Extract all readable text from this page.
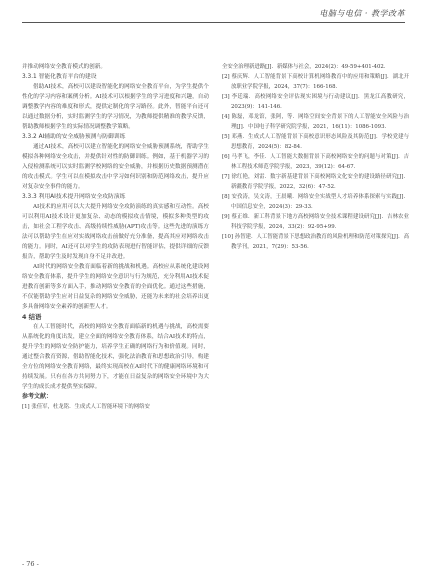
电脑与电信 · 教学改革

并推动网络安全教育模式的创新。

3.3.1 智能化教育平台的建设

借助AI技术，高校可以建设智能化的网络安全教育平台，为学生提供个性化的学习内容和案例分析。AI技术可以根据学生的学习进度和兴趣，自动调整教学内容的难度和形式，提供定制化的学习路径。此外，智能平台还可以通过数据分析，实时监测学生的学习情况，为教师提供精准的教学反馈，帮助教师根据学生的实际情况调整教学策略。

3.3.2 AI辅助的安全威胁预测与防御训练

通过AI技术，高校可以建立智能化的网络安全威胁预测系统，帮助学生模拟各种网络安全攻击，并提供针对性的防御训练。例如，基于机器学习的入侵检测系统可以实时监测学校网络的安全威胁，并根据历史数据预测潜在的攻击模式。学生可以在模拟攻击中学习如何识别和防范网络攻击，提升应对复杂安全事件的能力。

3.3.3 利用AI技术提升网络安全攻防演练

AI技术的应用可以大大提升网络安全攻防演练的真实感和互动性。高校可以利用AI技术设计更加复杂、动态的模拟攻击情境，模拟多种类型的攻击，如社会工程学攻击、高级持续性威胁(APT)攻击等。这些先进的演练方法可以帮助学生在应对实战网络攻击前做好充分准备，提高其应对网络攻击的能力。同时，AI还可以对学生的攻防表现进行智能评估，提供详细的反馈报告，帮助学生及时发现自身不足并改进。

AI时代的网络安全教育面临着新的挑战和机遇。高校应从系统化建设网络安全教育体系，提升学生的网络安全意识与行为规范，充分利用AI技术促进教育创新等多方面入手，推动网络安全教育的全面优化。通过这些措施，不仅能帮助学生应对日益复杂的网络安全威胁，还能为未来的社会培养出更多具备网络安全素养的创新型人才。

4 结语

在人工智能时代，高校的网络安全教育面临新的机遇与挑战，高校需要从系统化的角度出发，建立全面的网络安全教育体系，结合AI技术的特点，提升学生的网络安全防护能力，培养学生正确的网络行为和价值观。同时，通过整合教育资源，借助智能化技术，强化法治教育和思想政治引导，构建全方位的网络安全教育网络，最终实现高校在AI时代下的健康网络环境和可持续发展。只有在各方共同努力下，才能在日益复杂的网络安全环境中为大学生的成长成才提供坚实保障。

参考文献：

[1] 张佳军，杜龙铭．生成式人工智能环境下的网络安

全安全治理新进路[J]．新媒体与社会，2024(2)：49-59+401-402．

[2] 蔡庆辉．人工智能背景下高校计算机网络教育中的应用和策略[J]．湖北开放职业学院学报，2024，37(7)：166-168．

[3] 李廷瑞．高校网络安全评估现实困境与行动建议[J]．黑龙江高教研究，2023(9)：141-146．

[4] 陈磊，邓龙馆，张阿，等．网络空间安全背景下的人工智能安全风险与治理[J]．中国电子科学研究院学报，2021，16(11)：1086-1093．

[5] 邓燕．生成式人工智能背景下高校意识形态风险及其防范[J]．学校党建与思想教育，2024(5)：82-84．

[6] 马孝飞，李佳．人工智能大数据背景下高校网络安全的问题与对策[J]．吉林工程技术师范学院学报，2023，39(12)：64-67．

[7] 徐红艳，刘雷．数字新基建背景下高校网络文化安全的建设路径研究[J]．新疆教育学院学报，2022，32(6)：47-52．

[8] 安孜涛，吴文涛，王晨曦．网络安全实战型人才培养体系探索与实践[J]．中国信息安全，2024(3)：29-33．

[9] 蔡正维．新工科背景下地方高校网络安全技术课程建设研究[J]．吉林农业科技学院学报，2024，33(2)：92-95+99．

[10] 孙智建．人工智能背景下思想政治教育的风险机理和防范对策探究[J]．高教学刊，2021，7(29)：53-56．

- 76 -
